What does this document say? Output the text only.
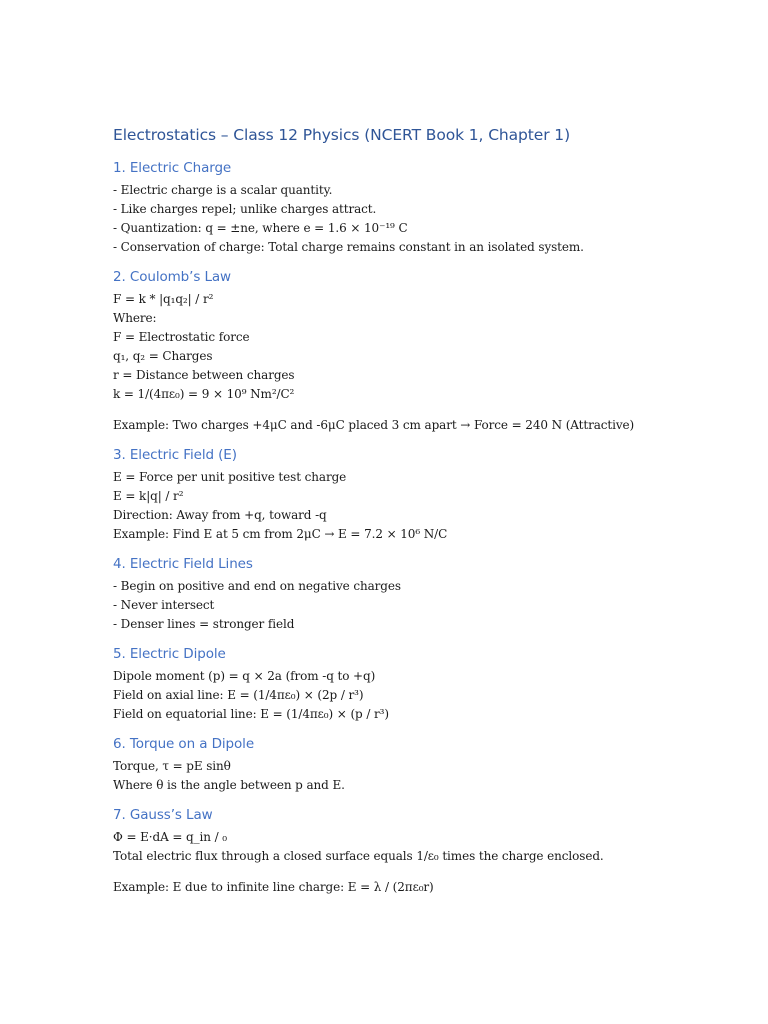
Electrostatics – Class 12 Physics (NCERT Book 1, Chapter 1)
1. Electric Charge
- Electric charge is a scalar quantity.
- Like charges repel; unlike charges attract.
- Quantization: q = ±ne, where e = 1.6 × 10⁻¹⁹ C
- Conservation of charge: Total charge remains constant in an isolated system.
2. Coulomb’s Law
F = k * |q₁q₂| / r²
Where:
F = Electrostatic force
q₁, q₂ = Charges
r = Distance between charges
k = 1/(4πε₀) = 9 × 10⁹ Nm²/C²
Example: Two charges +4μC and -6μC placed 3 cm apart → Force = 240 N (Attractive)
3. Electric Field (E)
E = Force per unit positive test charge
E = k|q| / r²
Direction: Away from +q, toward -q
Example: Find E at 5 cm from 2μC → E = 7.2 × 10⁶ N/C
4. Electric Field Lines
- Begin on positive and end on negative charges
- Never intersect
- Denser lines = stronger field
5. Electric Dipole
Dipole moment (p) = q × 2a (from -q to +q)
Field on axial line: E = (1/4πε₀) × (2p / r³)
Field on equatorial line: E = (1/4πε₀) × (p / r³)
6. Torque on a Dipole
Torque, τ = pE sinθ
Where θ is the angle between p and E.
7. Gauss’s Law
Φ = E·dA = q_in / ₀
Total electric flux through a closed surface equals 1/ε₀ times the charge enclosed.
Example: E due to infinite line charge: E = λ / (2πε₀r)
